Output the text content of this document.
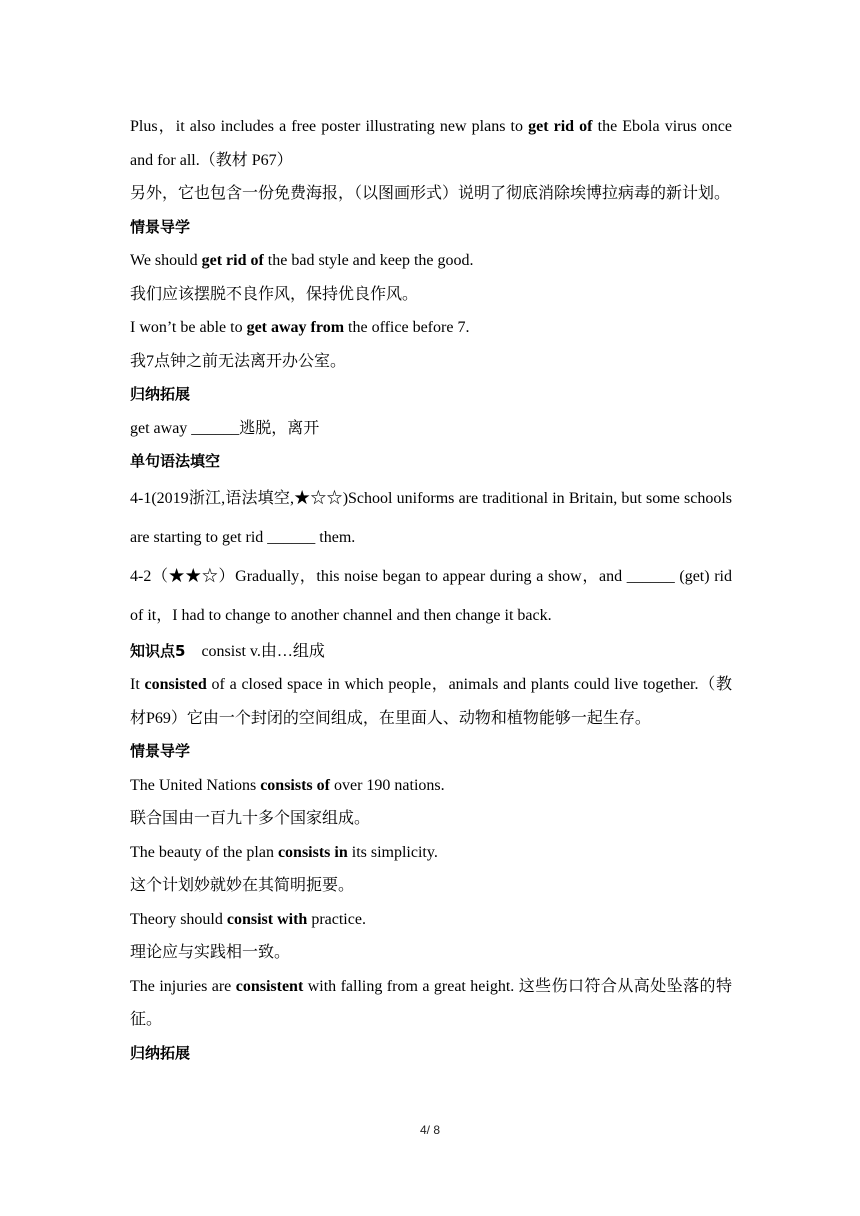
Plus，it also includes a free poster illustrating new plans to get rid of the Ebola virus once and for all.（教材 P67）

另外，它也包含一份免费海报，（以图画形式）说明了彻底消除埃博拉病毒的新计划。

情景导学

We should get rid of the bad style and keep the good.

我们应该摆脱不良作风，保持优良作风。

I won’t be able to get away from the office before 7.

我7点钟之前无法离开办公室。

归纳拓展

get away ______逃脱，离开

单句语法填空

4-1(2019浙江,语法填空,★☆☆)School uniforms are traditional in Britain, but some schools are starting to get rid ______ them.

4-2（★★☆）Gradually，this noise began to appear during a show，and ______ (get) rid of it，I had to change to another channel and then change it back.

知识点5 consist v.由…组成

It consisted of a closed space in which people，animals and plants could live together.（教材P69）它由一个封闭的空间组成，在里面人、动物和植物能够一起生存。

情景导学

The United Nations consists of over 190 nations.

联合国由一百九十多个国家组成。

The beauty of the plan consists in its simplicity.

这个计划妙就妙在其简明扼要。

Theory should consist with practice.

理论应与实践相一致。

The injuries are consistent with falling from a great height. 这些伤口符合从高处坠落的特征。

归纳拓展

4/ 8
